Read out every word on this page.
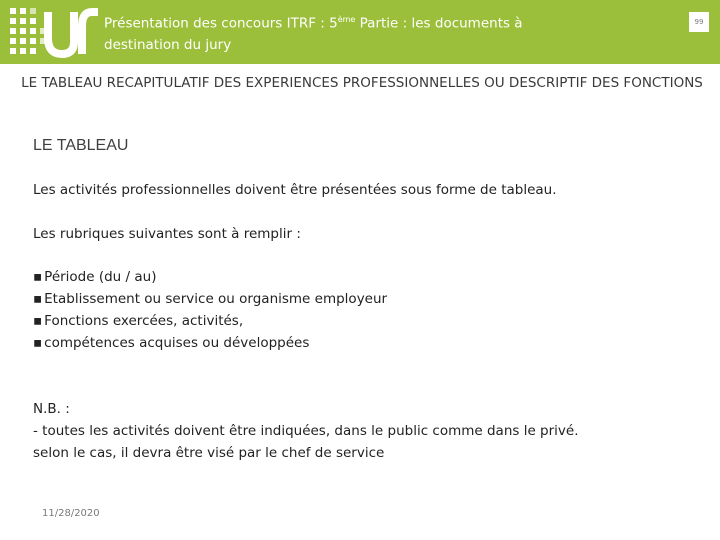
Présentation des concours ITRF : 5ème Partie : les documents à destination du jury
99
LE TABLEAU RECAPITULATIF DES EXPERIENCES PROFESSIONNELLES OU DESCRIPTIF DES FONCTIONS
LE TABLEAU
Les activités professionnelles doivent être présentées sous forme de tableau.
Les rubriques suivantes sont à remplir :
▪ Période (du / au)
▪ Etablissement ou service ou organisme employeur
▪ Fonctions exercées, activités,
▪ compétences acquises ou développées
N.B. :
- toutes les activités doivent être indiquées, dans le public comme dans le privé.
selon le cas, il devra être visé par le chef de service
11/28/2020
